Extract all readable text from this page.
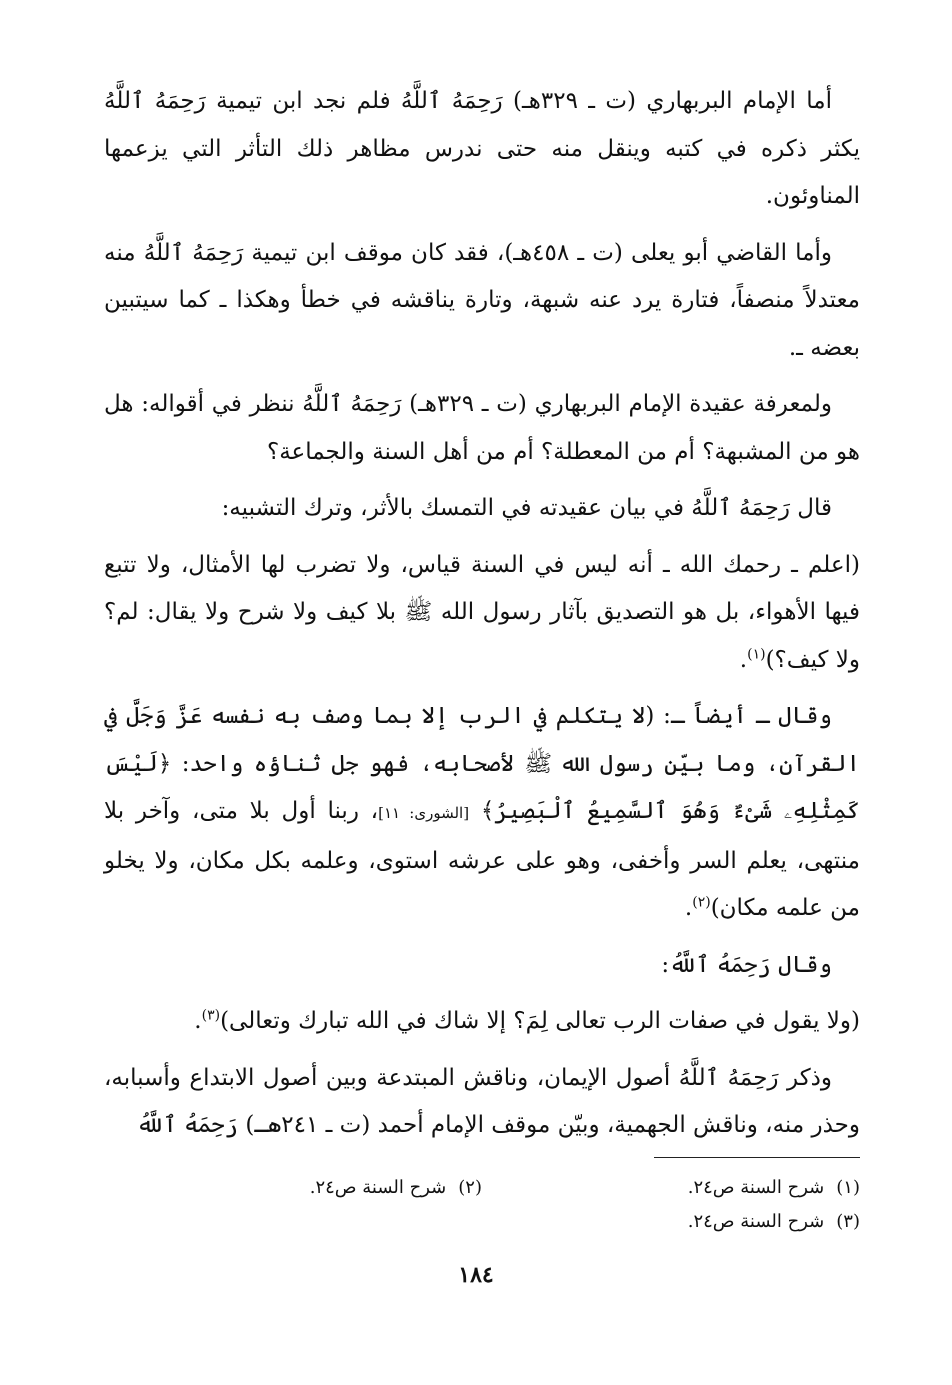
أما الإمام البربهاري (ت ـ ٣٢٩هـ) رَحِمَهُ ٱللَّهُ فلم نجد ابن تيمية رَحِمَهُ ٱللَّهُ يكثر ذكره في كتبه وينقل منه حتى ندرس مظاهر ذلك التأثر التي يزعمها المناوئون.

وأما القاضي أبو يعلى (ت ـ ٤٥٨هـ)، فقد كان موقف ابن تيمية رَحِمَهُ ٱللَّهُ منه معتدلاً منصفاً، فتارة يرد عنه شبهة، وتارة يناقشه في خطأ وهكذا ـ كما سيتبين بعضه ـ.

ولمعرفة عقيدة الإمام البربهاري (ت ـ ٣٢٩هـ) رَحِمَهُ ٱللَّهُ ننظر في أقواله: هل هو من المشبهة؟ أم من المعطلة؟ أم من أهل السنة والجماعة؟

قال رَحِمَهُ ٱللَّهُ في بيان عقيدته في التمسك بالأثر، وترك التشبيه:

(اعلم ـ رحمك الله ـ أنه ليس في السنة قياس، ولا تضرب لها الأمثال، ولا تتبع فيها الأهواء، بل هو التصديق بآثار رسول الله ﷺ بلا كيف ولا شرح ولا يقال: لم؟ ولا كيف؟)$^{(١)}$.

وقال ـ أيضاً ـ: (لا يتكلم في الرب إلا بما وصف به نفسه عَزَّ وَجَلَّ في القرآن، وما بيّن رسول الله ﷺ لأصحابه، فهو جل ثناؤه واحد: ﴿لَيْسَ كَمِثْلِهِۦ شَىْءٌ وَهُوَ ٱلسَّمِيعُ ٱلْبَصِيرُ﴾ [الشورى: ١١]، ربنا أول بلا متى، وآخر بلا منتهى، يعلم السر وأخفى، وهو على عرشه استوى، وعلمه بكل مكان، ولا يخلو من علمه مكان)$^{(٢)}$.

وقال رَحِمَهُ ٱللَّهُ:

(ولا يقول في صفات الرب تعالى لِمَ؟ إلا شاك في الله تبارك وتعالى)$^{(٣)}$.

وذكر رَحِمَهُ ٱللَّهُ أصول الإيمان، وناقش المبتدعة وبين أصول الابتداع وأسبابه، وحذر منه، وناقش الجهمية، وبيّن موقف الإمام أحمد (ت ـ ٢٤١هـ) رَحِمَهُ ٱللَّهُ

(١)شرح السنة ص٢٤.
(٢)شرح السنة ص٢٤.
(٣)شرح السنة ص٢٤.
١٨٤
